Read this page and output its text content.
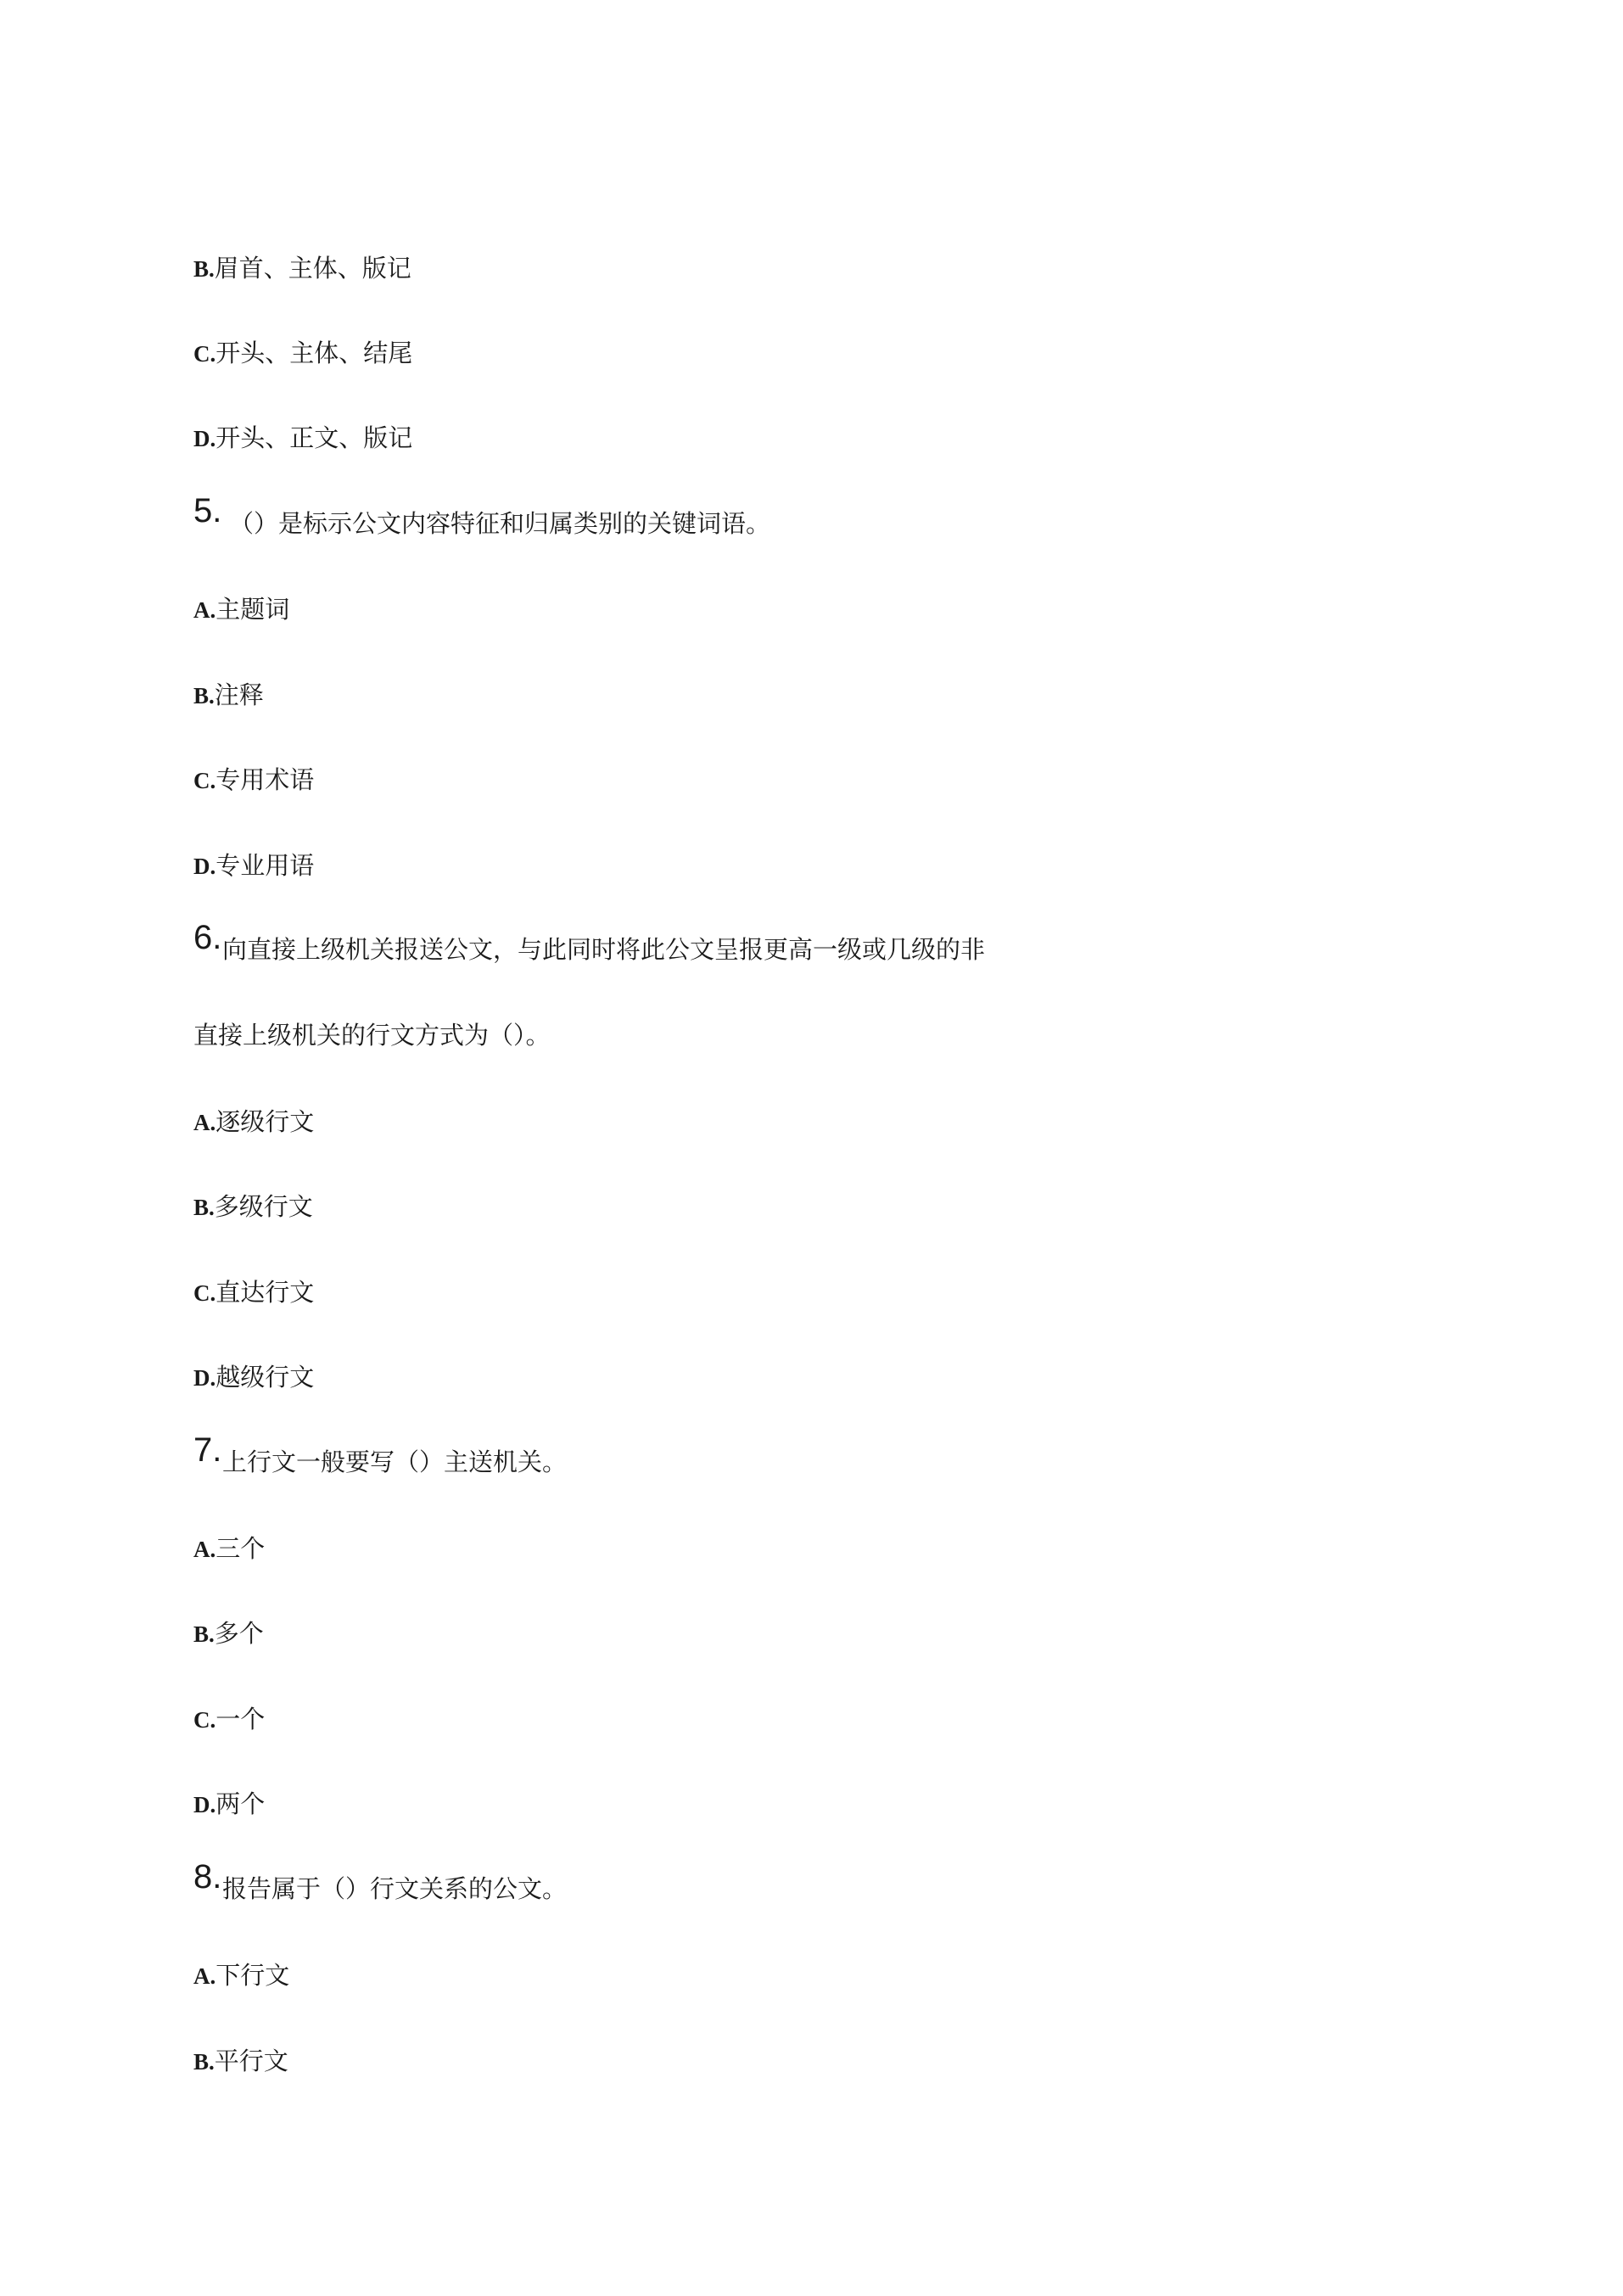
B.眉首、主体、版记
C.开头、主体、结尾
D.开头、正文、版记
5. （）是标示公文内容特征和归属类别的关键词语。
A.主题词
B.注释
C.专用术语
D.专业用语
6. 向直接上级机关报送公文，与此同时将此公文呈报更高一级或几级的非
直接上级机关的行文方式为（）。
A.逐级行文
B.多级行文
C.直达行文
D.越级行文
7. 上行文一般要写（）主送机关。
A.三个
B.多个
C.一个
D.两个
8. 报告属于（）行文关系的公文。
A.下行文
B.平行文
